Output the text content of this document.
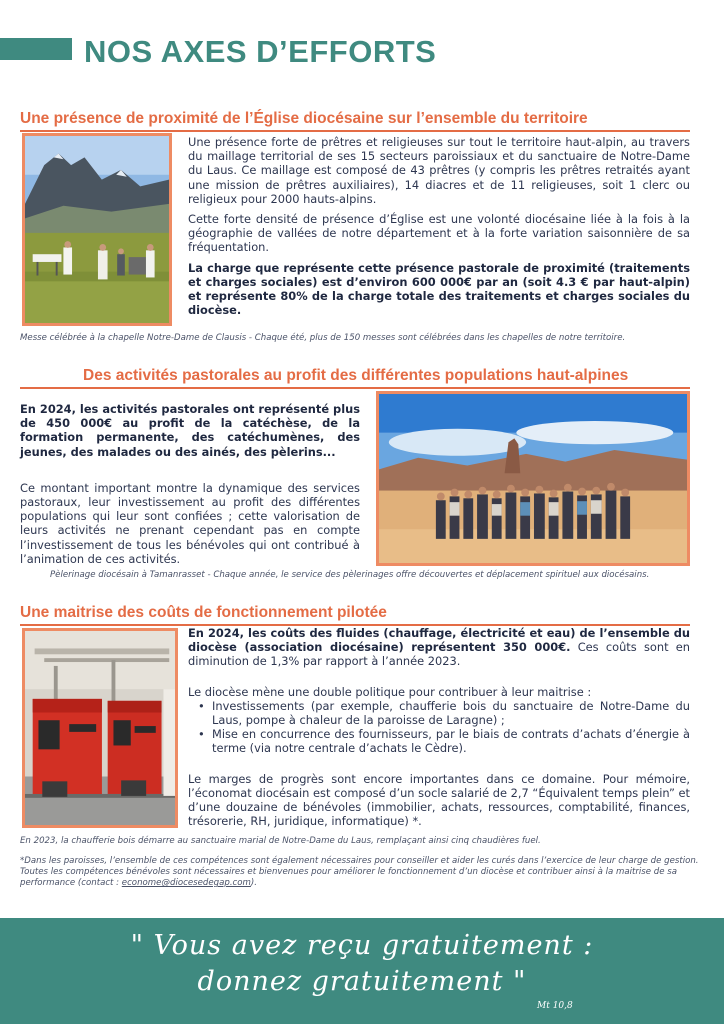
NOS AXES D’EFFORTS
Une présence de proximité de l’Église diocésaine sur l’ensemble du territoire

Une présence forte de prêtres et religieuses sur tout le territoire haut-alpin, au travers du maillage territorial de ses 15 secteurs paroissiaux et du sanctuaire de Notre-Dame du Laus. Ce maillage est composé de 43 prêtres (y compris les prêtres retraités ayant une mission de prêtres auxiliaires), 14 diacres et de 11 religieuses, soit 1 clerc ou religieux pour 2000 hauts-alpins.

Cette forte densité de présence d’Église est une volonté diocésaine liée à la fois à la géographie de vallées de notre département et à la forte variation saisonnière de sa fréquentation.

La charge que représente cette présence pastorale de proximité (traitements et charges sociales) est d’environ 600 000€ par an (soit 4.3 € par haut-alpin) et représente 80% de la charge totale des traitements et charges sociales du diocèse.

Messe célébrée à la chapelle Notre-Dame de Clausis - Chaque été, plus de 150 messes sont célébrées dans les chapelles de notre territoire.
Des activités pastorales au profit des différentes populations haut-alpines

En 2024, les activités pastorales ont représenté plus de 450 000€ au profit de la catéchèse, de la formation permanente, des catéchumènes, des jeunes, des malades ou des ainés, des pèlerins...

Ce montant important montre la dynamique des services pastoraux, leur investissement au profit des différentes populations qui leur sont confiées ; cette valorisation de leurs activités ne prenant cependant pas en compte l’investissement de tous les bénévoles qui ont contribué à l’animation de ces activités.

Pèlerinage diocésain à Tamanrasset - Chaque année, le service des pèlerinages offre découvertes et déplacement spirituel aux diocésains.
Une maitrise des coûts de fonctionnement pilotée

En 2024, les coûts des fluides (chauffage, électricité et eau) de l’ensemble du diocèse (association diocésaine) représentent 350 000€. Ces coûts sont en diminution de 1,3% par rapport à l’année 2023.

Le diocèse mène une double politique pour contribuer à leur maitrise :

• Investissements (par exemple, chaufferie bois du sanctuaire de Notre-Dame du Laus, pompe à chaleur de la paroisse de Laragne) ;
• Mise en concurrence des fournisseurs, par le biais de contrats d’achats d’énergie à terme (via notre centrale d’achats le Cèdre).

Le marges de progrès sont encore importantes dans ce domaine. Pour mémoire, l’économat diocésain est composé d’un socle salarié de 2,7 “Équivalent temps plein” et d’une douzaine de bénévoles (immobilier, achats, ressources, comptabilité, finances, trésorerie, RH, juridique, informatique) *.

En 2023, la chaufferie bois démarre au sanctuaire marial de Notre-Dame du Laus, remplaçant ainsi cinq chaudières fuel.
*Dans les paroisses, l’ensemble de ces compétences sont également nécessaires pour conseiller et aider les curés dans l’exercice de leur charge de gestion. Toutes les compétences bénévoles sont nécessaires et bienvenues pour améliorer le fonctionnement d’un diocèse et contribuer ainsi à la maitrise de sa performance (contact : econome@diocesedegap.com).
" Vous avez reçu gratuitement :
donnez gratuitement "
Mt 10,8
